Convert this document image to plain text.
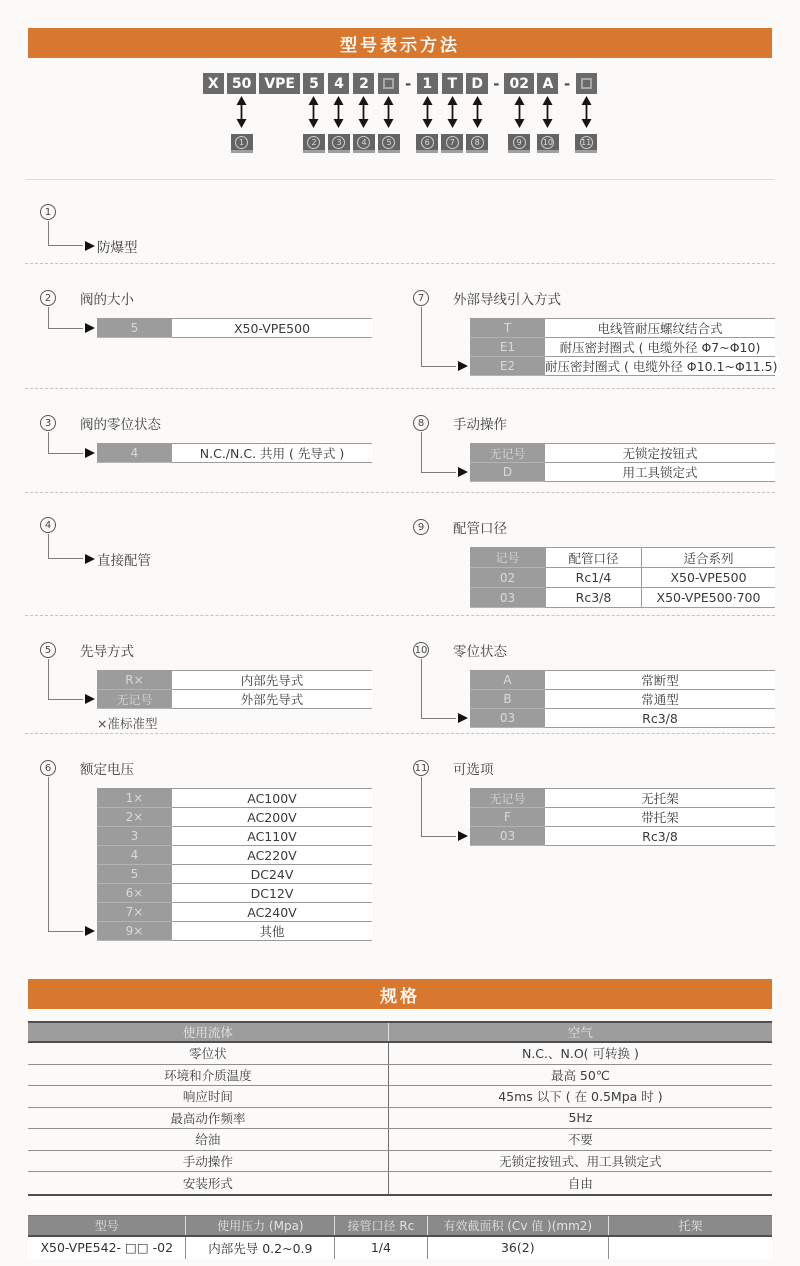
型号表示方法
X 50
1
VPE	5
2
4
3
2
4	5
- 1
6
T
7
D
8
- 02
9
A
10
-
11
1
防爆型
2	阀的大小
5	X50-VPE500
7	外部导线引入方式
T	电线管耐压螺纹结合式
E1	耐压密封圈式 ( 电缆外径 Φ7~Φ10)
E2	耐压密封圈式 ( 电缆外径 Φ10.1~Φ11.5)
3	阀的零位状态
4	N.C./N.C. 共用 ( 先导式 )
8	手动操作
无记号	无锁定按钮式
D	用工具锁定式
4
直接配管
9	配管口径
记号	配管口径	适合系列
02	Rc1/4	X50-VPE500
03	Rc3/8	X50-VPE500·700
5	先导方式
R×	内部先导式
无记号	外部先导式
×准标准型
10 零位状态
A	常断型
B	常通型
03	Rc3/8
6	额定电压
1×	AC100V
2×	AC200V
3	AC110V
4	AC220V
5	DC24V
6×	DC12V
7×	AC240V
9×	其他
11 可选项
无记号	无托架
F	带托架
03	Rc3/8
规格
使用流体	空气
零位状	N.C.、N.O( 可转换 )
环境和介质温度	最高 50℃
响应时间	45ms 以下 ( 在 0.5Mpa 时 )
最高动作频率	5Hz
给油	不要
手动操作	无锁定按钮式、用工具锁定式
安装形式	自由
型号	使用压力 (Mpa)	接管口径 Rc	有效截面积 (Cv 值 )(mm2)	托架
X50-VPE542- □□ -02	内部先导 0.2~0.9	1/4	36(2)
